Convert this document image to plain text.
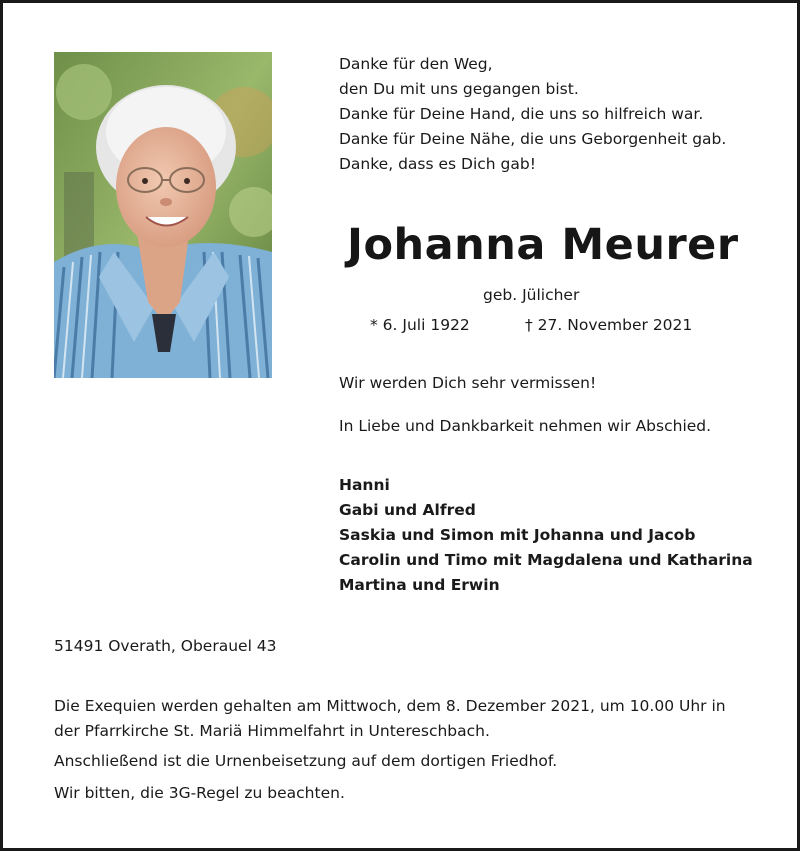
Danke für den Weg,
den Du mit uns gegangen bist.
Danke für Deine Hand, die uns so hilfreich war.
Danke für Deine Nähe, die uns Geborgenheit gab.
Danke, dass es Dich gab!
Johanna Meurer
geb. Jülicher
* 6. Juli 1922	† 27. November 2021
Wir werden Dich sehr vermissen!
In Liebe und Dankbarkeit nehmen wir Abschied.
Hanni
Gabi und Alfred
Saskia und Simon mit Johanna und Jacob
Carolin und Timo mit Magdalena und Katharina
Martina und Erwin
51491 Overath, Oberauel 43
Die Exequien werden gehalten am Mittwoch, dem 8. Dezember 2021, um 10.00 Uhr in
der Pfarrkirche St. Mariä Himmelfahrt in Untereschbach.
Anschließend ist die Urnenbeisetzung auf dem dortigen Friedhof.
Wir bitten, die 3G-Regel zu beachten.
